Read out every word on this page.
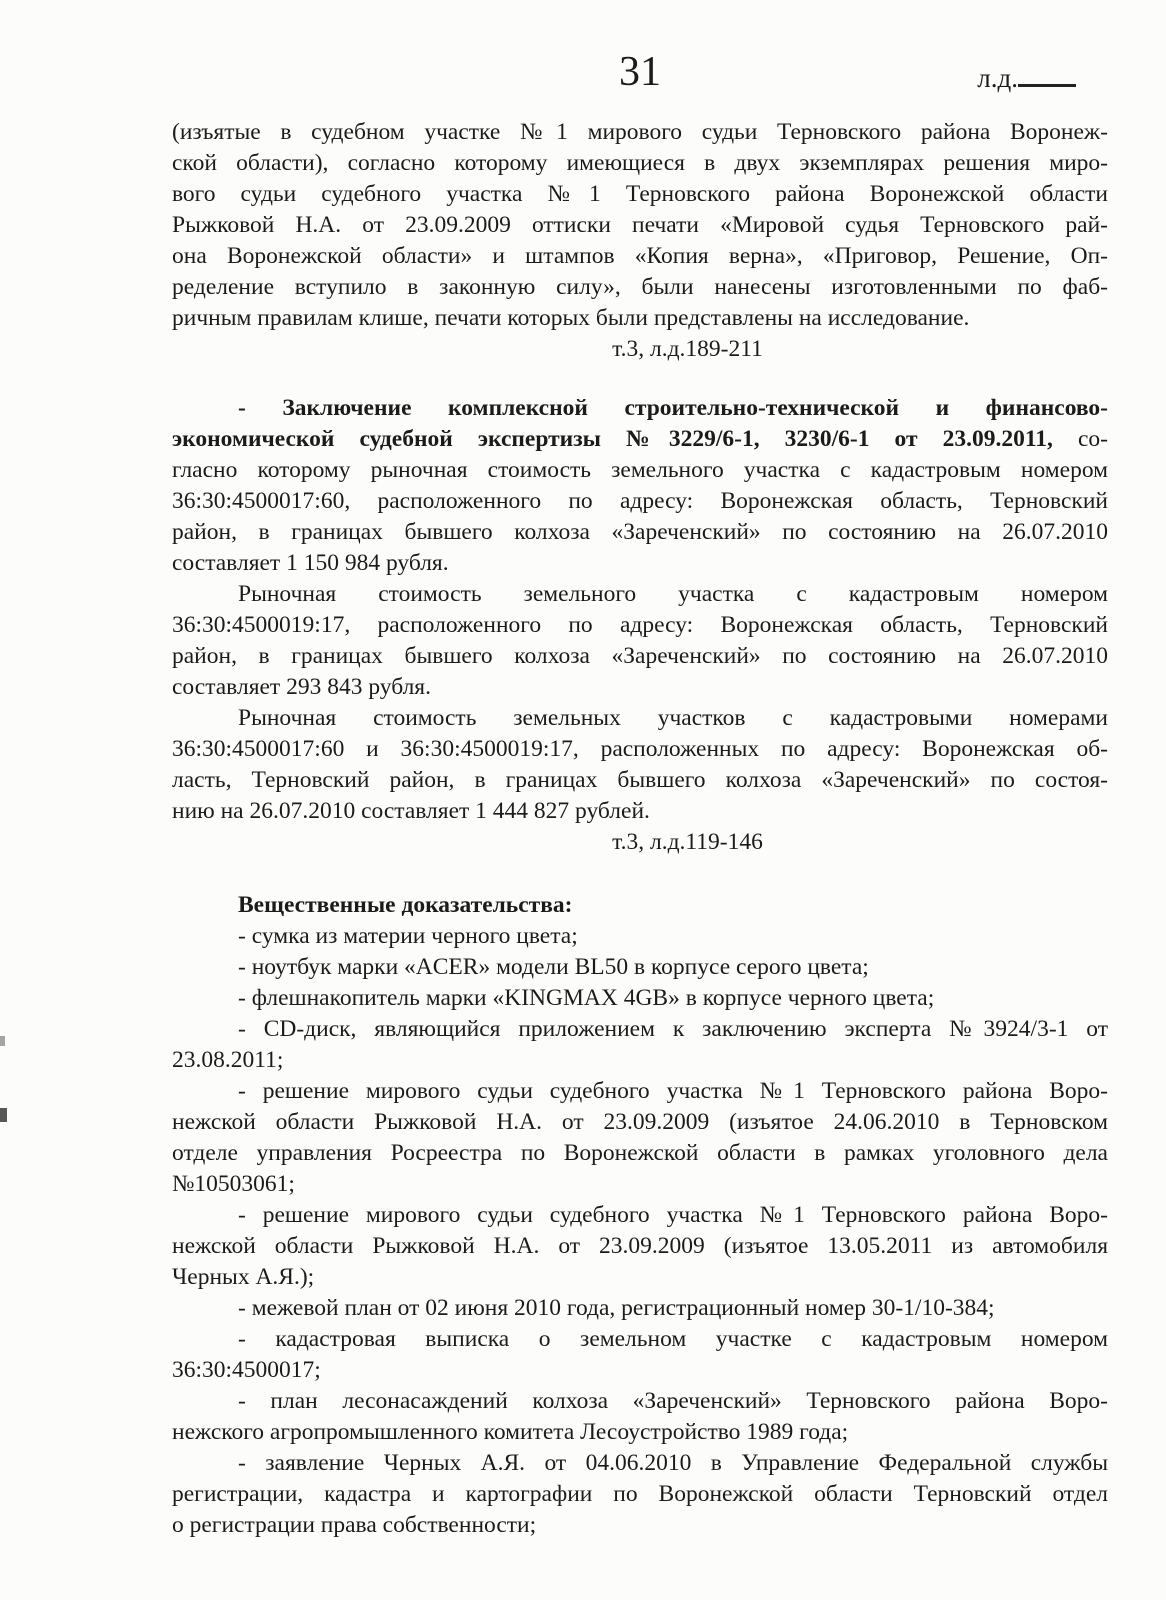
31	л.д.
(изъятые в судебном участке №1 мирового судьи Терновского района Воронеж-
ской области), согласно которому имеющиеся в двух экземплярах решения миро-
вого судьи судебного участка №1 Терновского района Воронежской области
Рыжковой Н.А. от 23.09.2009 оттиски печати «Мировой судья Терновского рай-
она Воронежской области» и штампов «Копия верна», «Приговор, Решение, Оп-
ределение вступило в законную силу», были нанесены изготовленными по фаб-
ричным правилам клише, печати которых были представлены на исследование.
т.3, л.д.189-211
- Заключение комплексной строительно-технической и финансово-
экономической судебной экспертизы №3229/6-1, 3230/6-1 от 23.09.2011, со-
гласно которому рыночная стоимость земельного участка с кадастровым номером
36:30:4500017:60, расположенного по адресу: Воронежская область, Терновский
район, в границах бывшего колхоза «Зареченский» по состоянию на 26.07.2010
составляет 1 150 984 рубля.
Рыночная стоимость земельного участка с кадастровым номером
36:30:4500019:17, расположенного по адресу: Воронежская область, Терновский
район, в границах бывшего колхоза «Зареченский» по состоянию на 26.07.2010
составляет 293 843 рубля.
Рыночная стоимость земельных участков с кадастровыми номерами
36:30:4500017:60 и 36:30:4500019:17, расположенных по адресу: Воронежская об-
ласть, Терновский район, в границах бывшего колхоза «Зареченский» по состоя-
нию на 26.07.2010 составляет 1 444 827 рублей.
т.3, л.д.119-146
Вещественные доказательства:
- сумка из материи черного цвета;
- ноутбук марки «ACER» модели BL50 в корпусе серого цвета;
- флешнакопитель марки «KINGMAX 4GB» в корпусе черного цвета;
- CD-диск, являющийся приложением к заключению эксперта №3924/3-1 от
23.08.2011;
- решение мирового судьи судебного участка №1 Терновского района Воро-
нежской области Рыжковой Н.А. от 23.09.2009 (изъятое 24.06.2010 в Терновском
отделе управления Росреестра по Воронежской области в рамках уголовного дела
№10503061;
- решение мирового судьи судебного участка №1 Терновского района Воро-
нежской области Рыжковой Н.А. от 23.09.2009 (изъятое 13.05.2011 из автомобиля
Черных А.Я.);
- межевой план от 02 июня 2010 года, регистрационный номер 30-1/10-384;
- кадастровая выписка о земельном участке с кадастровым номером
36:30:4500017;
- план лесонасаждений колхоза «Зареченский» Терновского района Воро-
нежского агропромышленного комитета Лесоустройство 1989 года;
- заявление Черных А.Я. от 04.06.2010 в Управление Федеральной службы
регистрации, кадастра и картографии по Воронежской области Терновский отдел
о регистрации права собственности;
